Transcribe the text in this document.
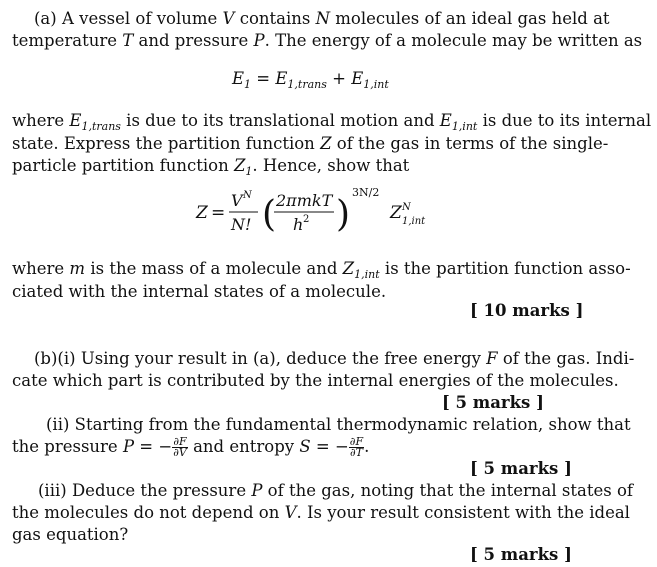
(a) A vessel of volume V contains N molecules of an ideal gas held at
temperature T and pressure P. The energy of a molecule may be written as
$E_1 = E_{1,trans} + E_{1,int}$
where $E_{1,trans}$ is due to its translational motion and $E_{1,int}$ is due to its internal
state. Express the partition function Z of the gas in terms of the single-
particle partition function $Z_1$. Hence, show that
Z =
V N
N! ( 2πmkT
h 2 )
3N/2
Z N
1,int
where m is the mass of a molecule and $Z_{1,int}$ is the partition function asso-
ciated with the internal states of a molecule.
[ 10 marks ]
(b)(i) Using your result in (a), deduce the free energy F of the gas. Indi-
cate which part is contributed by the internal energies of the molecules.
[ 5 marks ]
(ii) Starting from the fundamental thermodynamic relation, show that
the pressure P = − $\frac{\partial F}{\partial V}$ and entropy S = − $\frac{\partial F}{\partial T}$ .
[ 5 marks ]
(iii) Deduce the pressure P of the gas, noting that the internal states of
the molecules do not depend on V. Is your result consistent with the ideal
gas equation?
[ 5 marks ]
